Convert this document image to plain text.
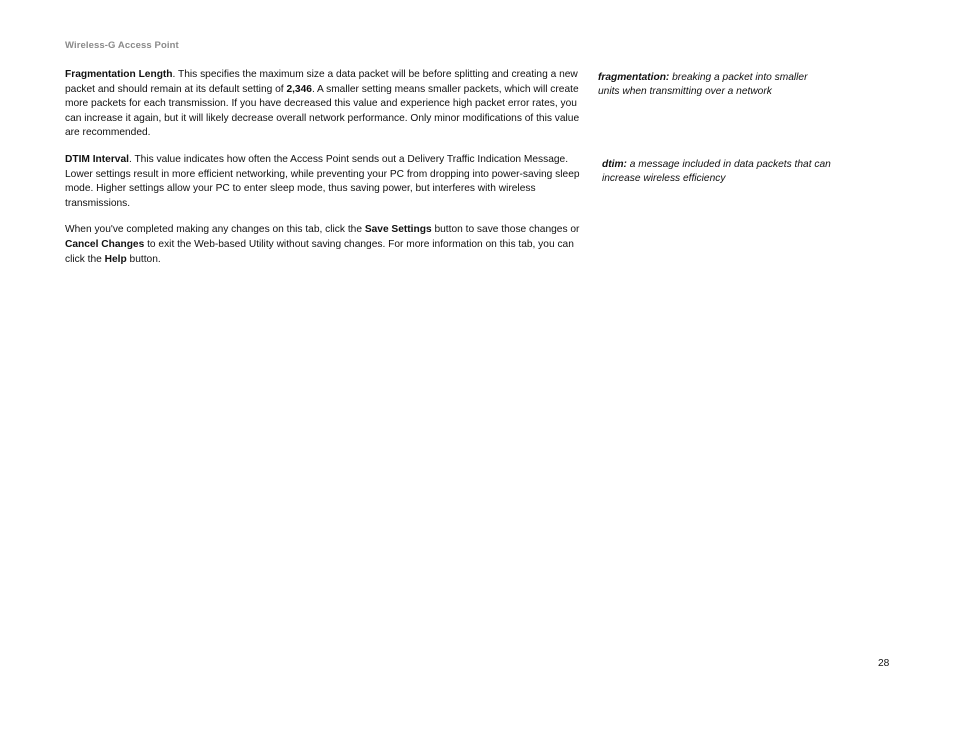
Wireless-G Access Point

Fragmentation Length. This specifies the maximum size a data packet will be before splitting and creating a new packet and should remain at its default setting of 2,346. A smaller setting means smaller packets, which will create more packets for each transmission. If you have decreased this value and experience high packet error rates, you can increase it again, but it will likely decrease overall network performance. Only minor modifications of this value are recommended.

DTIM Interval. This value indicates how often the Access Point sends out a Delivery Traffic Indication Message. Lower settings result in more efficient networking, while preventing your PC from dropping into power-saving sleep mode. Higher settings allow your PC to enter sleep mode, thus saving power, but interferes with wireless transmissions.

When you've completed making any changes on this tab, click the Save Settings button to save those changes or Cancel Changes to exit the Web-based Utility without saving changes. For more information on this tab, you can click the Help button.

fragmentation: breaking a packet into smaller units when transmitting over a network
dtim: a message included in data packets that can increase wireless efficiency
28
